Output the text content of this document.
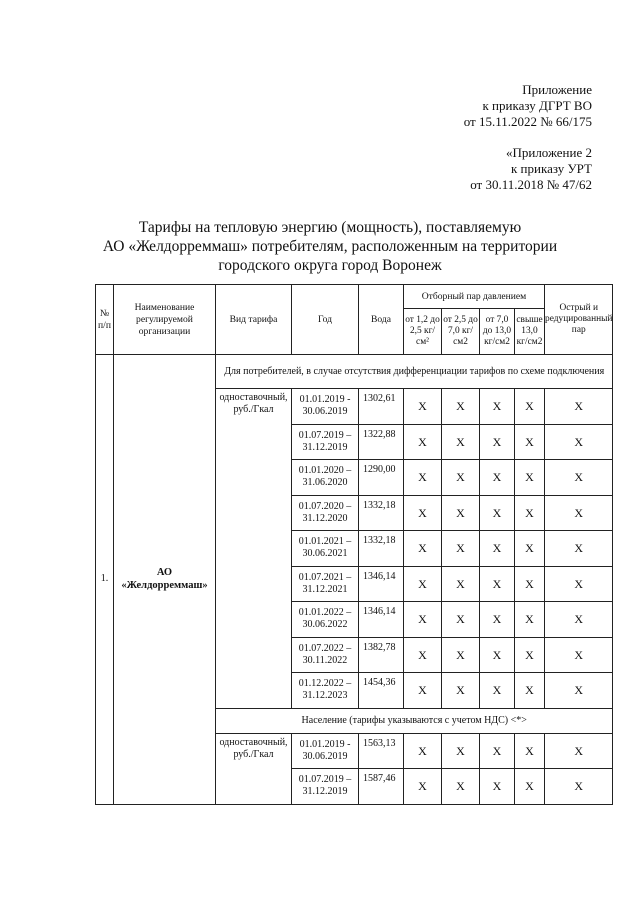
Приложение
к приказу ДГРТ ВО
от 15.11.2022 № 66/175
«Приложение 2
к приказу УРТ
от 30.11.2018 № 47/62
Тарифы на тепловую энергию (мощность), поставляемую
АО «Желдорреммаш» потребителям, расположенным на территории
городского округа город Воронеж
№ п/п	Наименование регулируемой организации	Вид тарифа	Год	Вода	Отборный пар давлением				Острый и редуцированный пар
					от 1,2 до 2,5 кг/см²	от 2,5 до 7,0 кг/см2	от 7,0 до 13,0 кг/см2	свыше 13,0 кг/см2	
1.	АО «Желдорреммаш»	Для потребителей, в случае отсутствия дифференциации тарифов по схеме подключения							
		одноставочный, руб./Гкал	01.01.2019 - 30.06.2019	1302,61	Х	Х	Х	Х	Х
			01.07.2019 – 31.12.2019	1322,88	Х	Х	Х	Х	Х
			01.01.2020 – 31.06.2020	1290,00	Х	Х	Х	Х	Х
			01.07.2020 – 31.12.2020	1332,18	Х	Х	Х	Х	Х
			01.01.2021 – 30.06.2021	1332,18	Х	Х	Х	Х	Х
			01.07.2021 – 31.12.2021	1346,14	Х	Х	Х	Х	Х
			01.01.2022 – 30.06.2022	1346,14	Х	Х	Х	Х	Х
			01.07.2022 – 30.11.2022	1382,78	Х	Х	Х	Х	Х
			01.12.2022 – 31.12.2023	1454,36	Х	Х	Х	Х	Х
		Население (тарифы указываются с учетом НДС) <*>							
		одноставочный, руб./Гкал	01.01.2019 - 30.06.2019	1563,13	Х	Х	Х	Х	Х
			01.07.2019 – 31.12.2019	1587,46	Х	Х	Х	Х	Х
